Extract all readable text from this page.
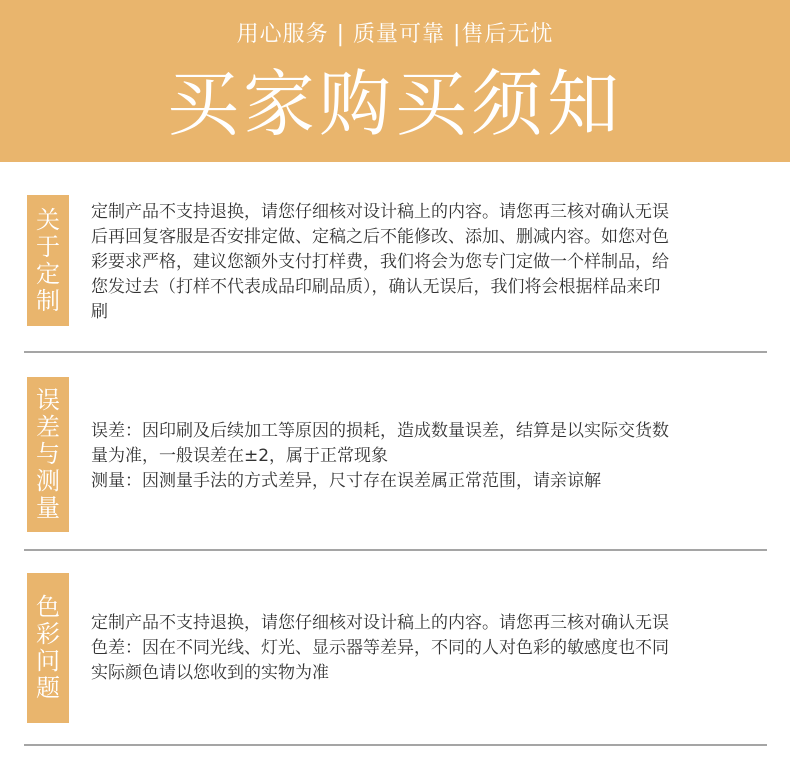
用心服务 | 质量可靠 |售后无忧
买家购买须知
关
于
定
制

定制产品不支持退换，请您仔细核对设计稿上的内容。请您再三核对确认无误

后再回复客服是否安排定做、定稿之后不能修改、添加、删减内容。如您对色

彩要求严格，建议您额外支付打样费，我们将会为您专门定做一个样制品，给

您发过去（打样不代表成品印刷品质），确认无误后，我们将会根据样品来印

刷

误
差
与
测
量

误差：因印刷及后续加工等原因的损耗，造成数量误差，结算是以实际交货数

量为准，一般误差在±2，属于正常现象

测量：因测量手法的方式差异，尺寸存在误差属正常范围，请亲谅解

色
彩
问
题

定制产品不支持退换，请您仔细核对设计稿上的内容。请您再三核对确认无误

色差：因在不同光线、灯光、显示器等差异，不同的人对色彩的敏感度也不同

实际颜色请以您收到的实物为准
